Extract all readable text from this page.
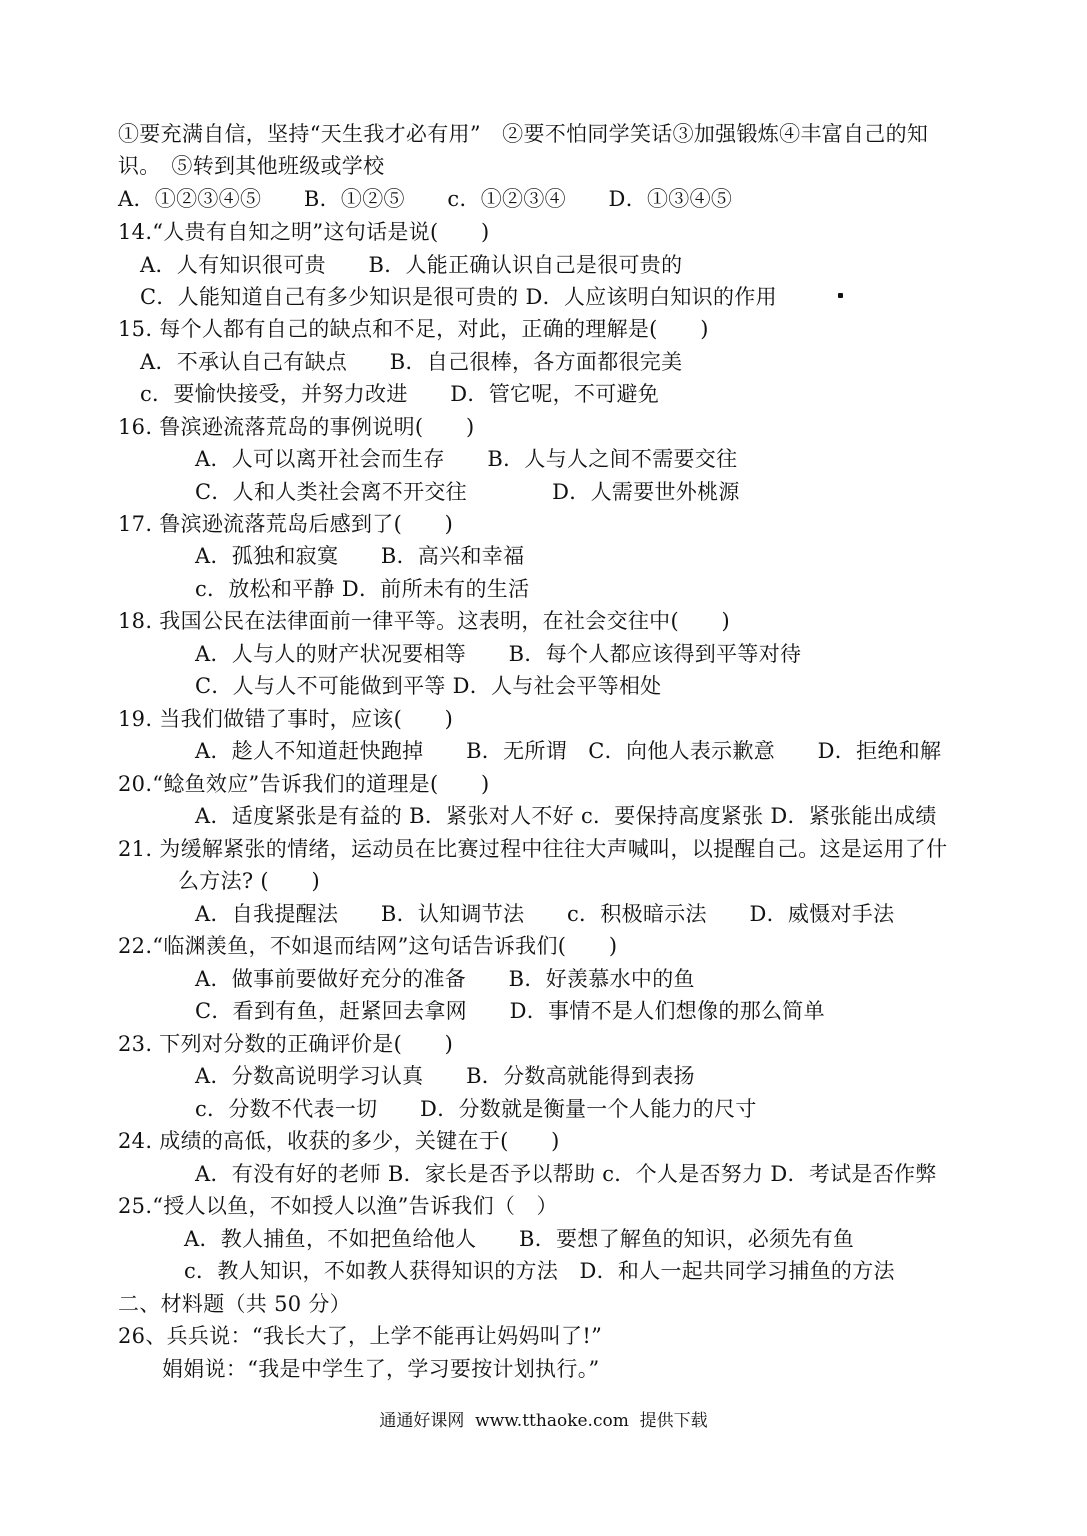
①要充满自信，坚持“天生我才必有用”　②要不怕同学笑话③加强锻炼④丰富自己的知
识。　⑤转到其他班级或学校
A．①②③④⑤　　B．①②⑤　　c．①②③④　　D．①③④⑤
14.“人贵有自知之明”这句话是说(　　)
A．人有知识很可贵　　B．人能正确认识自己是很可贵的
C．人能知道自己有多少知识是很可贵的 D．人应该明白知识的作用
15. 每个人都有自己的缺点和不足，对此，正确的理解是(　　)
A．不承认自己有缺点　　B．自己很棒，各方面都很完美
c．要愉快接受，并努力改进　　D．管它呢，不可避免
16. 鲁滨逊流落荒岛的事例说明(　　)
A．人可以离开社会而生存　　B．人与人之间不需要交往
C．人和人类社会离不开交往　　　　D．人需要世外桃源
17. 鲁滨逊流落荒岛后感到了(　　)
A．孤独和寂寞　　B．高兴和幸福
c．放松和平静 D．前所未有的生活
18. 我国公民在法律面前一律平等。这表明，在社会交往中(　　)
A．人与人的财产状况要相等　　B．每个人都应该得到平等对待
C．人与人不可能做到平等 D．人与社会平等相处
19. 当我们做错了事时，应该(　　)
A．趁人不知道赶快跑掉　　B．无所谓　C．向他人表示歉意　　D．拒绝和解
20.“鲶鱼效应”告诉我们的道理是(　　)
A．适度紧张是有益的 B．紧张对人不好 c．要保持高度紧张 D．紧张能出成绩
21. 为缓解紧张的情绪，运动员在比赛过程中往往大声喊叫，以提醒自己。这是运用了什
么方法? (　　)
A．自我提醒法　　B．认知调节法　　c．积极暗示法　　D．威慑对手法
22.“临渊羡鱼，不如退而结网”这句话告诉我们(　　)
A．做事前要做好充分的准备　　B．好羡慕水中的鱼
C．看到有鱼，赶紧回去拿网　　D．事情不是人们想像的那么简单
23. 下列对分数的正确评价是(　　)
A．分数高说明学习认真　　B．分数高就能得到表扬
c．分数不代表一切　　D．分数就是衡量一个人能力的尺寸
24. 成绩的高低，收获的多少，关键在于(　　)
A．有没有好的老师 B．家长是否予以帮助 c．个人是否努力 D．考试是否作弊
25.“授人以鱼，不如授人以渔”告诉我们（　）
A．教人捕鱼，不如把鱼给他人　　B．要想了解鱼的知识，必须先有鱼
c．教人知识，不如教人获得知识的方法　D．和人一起共同学习捕鱼的方法
二、材料题（共 50 分）
26、兵兵说：“我长大了，上学不能再让妈妈叫了!”
娟娟说：“我是中学生了，学习要按计划执行。”
通通好课网  www.tthaoke.com  提供下载
